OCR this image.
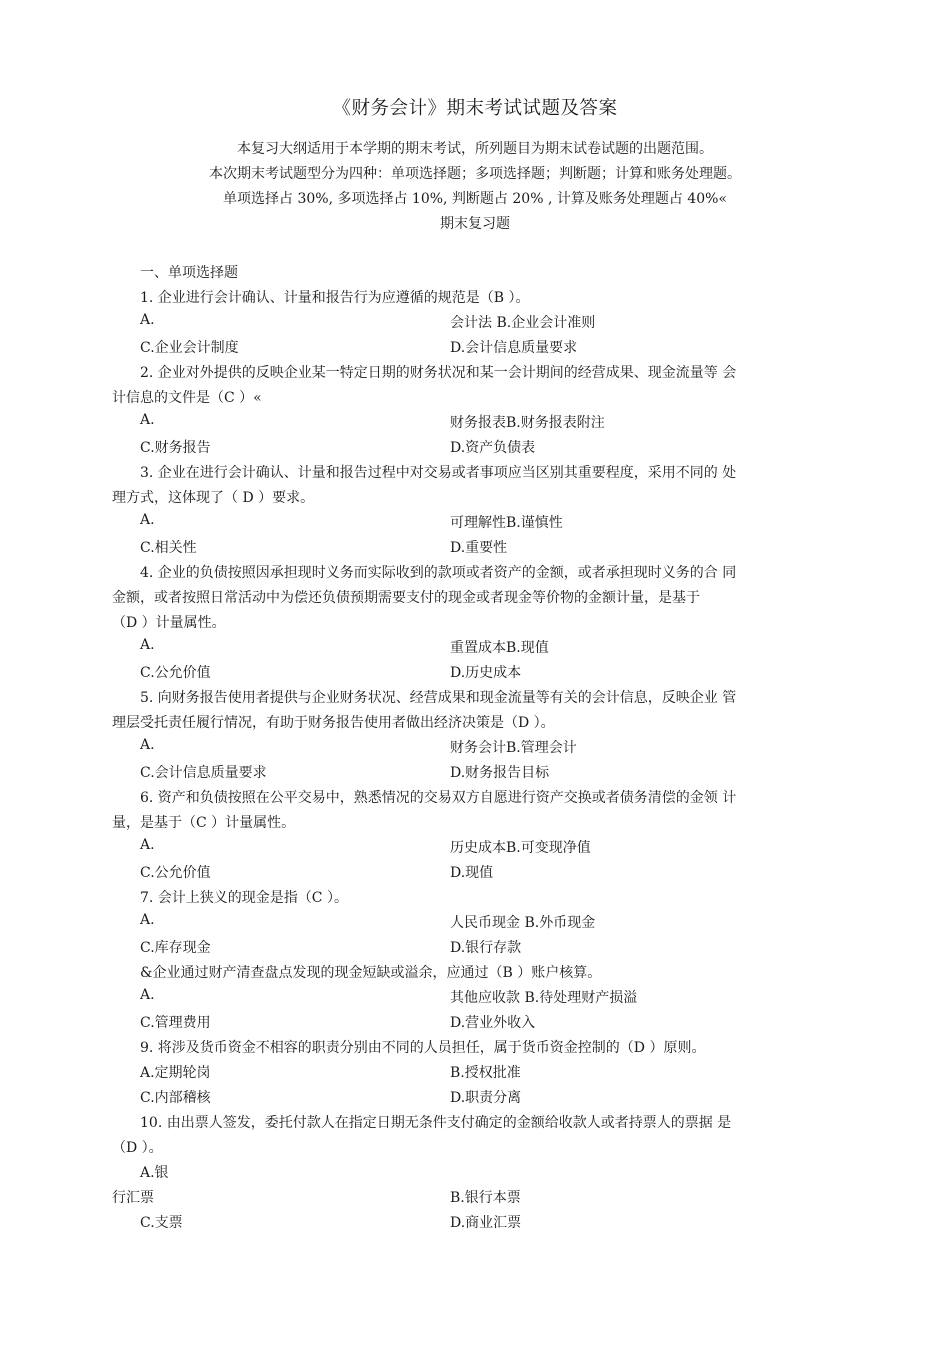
《财务会计》期末考试试题及答案
本复习大纲适用于本学期的期末考试，所列题目为期末试卷试题的出题范围。
本次期末考试题型分为四种：单项选择题；多项选择题；判断题；计算和账务处理题。
单项选择占 30%, 多项选择占 10%, 判断题占 20% , 计算及账务处理题占 40%«
期末复习题
一、单项选择题
1. 企业进行会计确认、计量和报告行为应遵循的规范是（B ）。
A.	会计法 B.企业会计准则
C.企业会计制度	D.会计信息质量要求
2. 企业对外提供的反映企业某一特定日期的财务状况和某一会计期间的经营成果、现金流量等 会
计信息的文件是（C ）«
A.	财务报表B.财务报表附注
C.财务报告	D.资产负债表
3. 企业在进行会计确认、计量和报告过程中对交易或者事项应当区别其重要程度，采用不同的 处
理方式，这体现了（ D ）要求。
A.	可理解性B.谨慎性
C.相关性	D.重要性
4. 企业的负债按照因承担现时义务而实际收到的款项或者资产的金额，或者承担现时义务的合 同
金额，或者按照日常活动中为偿还负债预期需要支付的现金或者现金等价物的金额计量，是基于
（D ）计量属性。
A.	重置成本B.现值
C.公允价值	D.历史成本
5. 向财务报告使用者提供与企业财务状况、经营成果和现金流量等有关的会计信息，反映企业 管
理层受托责任履行情况，有助于财务报告使用者做出经济决策是（D ）。
A.	财务会计B.管理会计
C.会计信息质量要求	D.财务报告目标
6. 资产和负债按照在公平交易中，熟悉情况的交易双方自愿进行资产交换或者债务清偿的金领 计
量，是基于（C ）计量属性。
A.	历史成本B.可变现净值
C.公允价值	D.现值
7. 会计上狭义的现金是指（C ）。
A.	人民币现金 B.外币现金
C.库存现金	D.银行存款
&企业通过财产清查盘点发现的现金短缺或溢余，应通过（B ）账户核算。
A.	其他应收款 B.待处理财产损溢
C.管理费用	D.营业外收入
9. 将涉及货币资金不相容的职责分别由不同的人员担任，属于货币资金控制的（D ）原则。
A.定期轮岗	B.授权批准
C.内部稽核	D.职责分离
10. 由出票人签发，委托付款人在指定日期无条件支付确定的金额给收款人或者持票人的票据 是
（D ）。
A.银
行汇票	B.银行本票
C.支票	D.商业汇票
